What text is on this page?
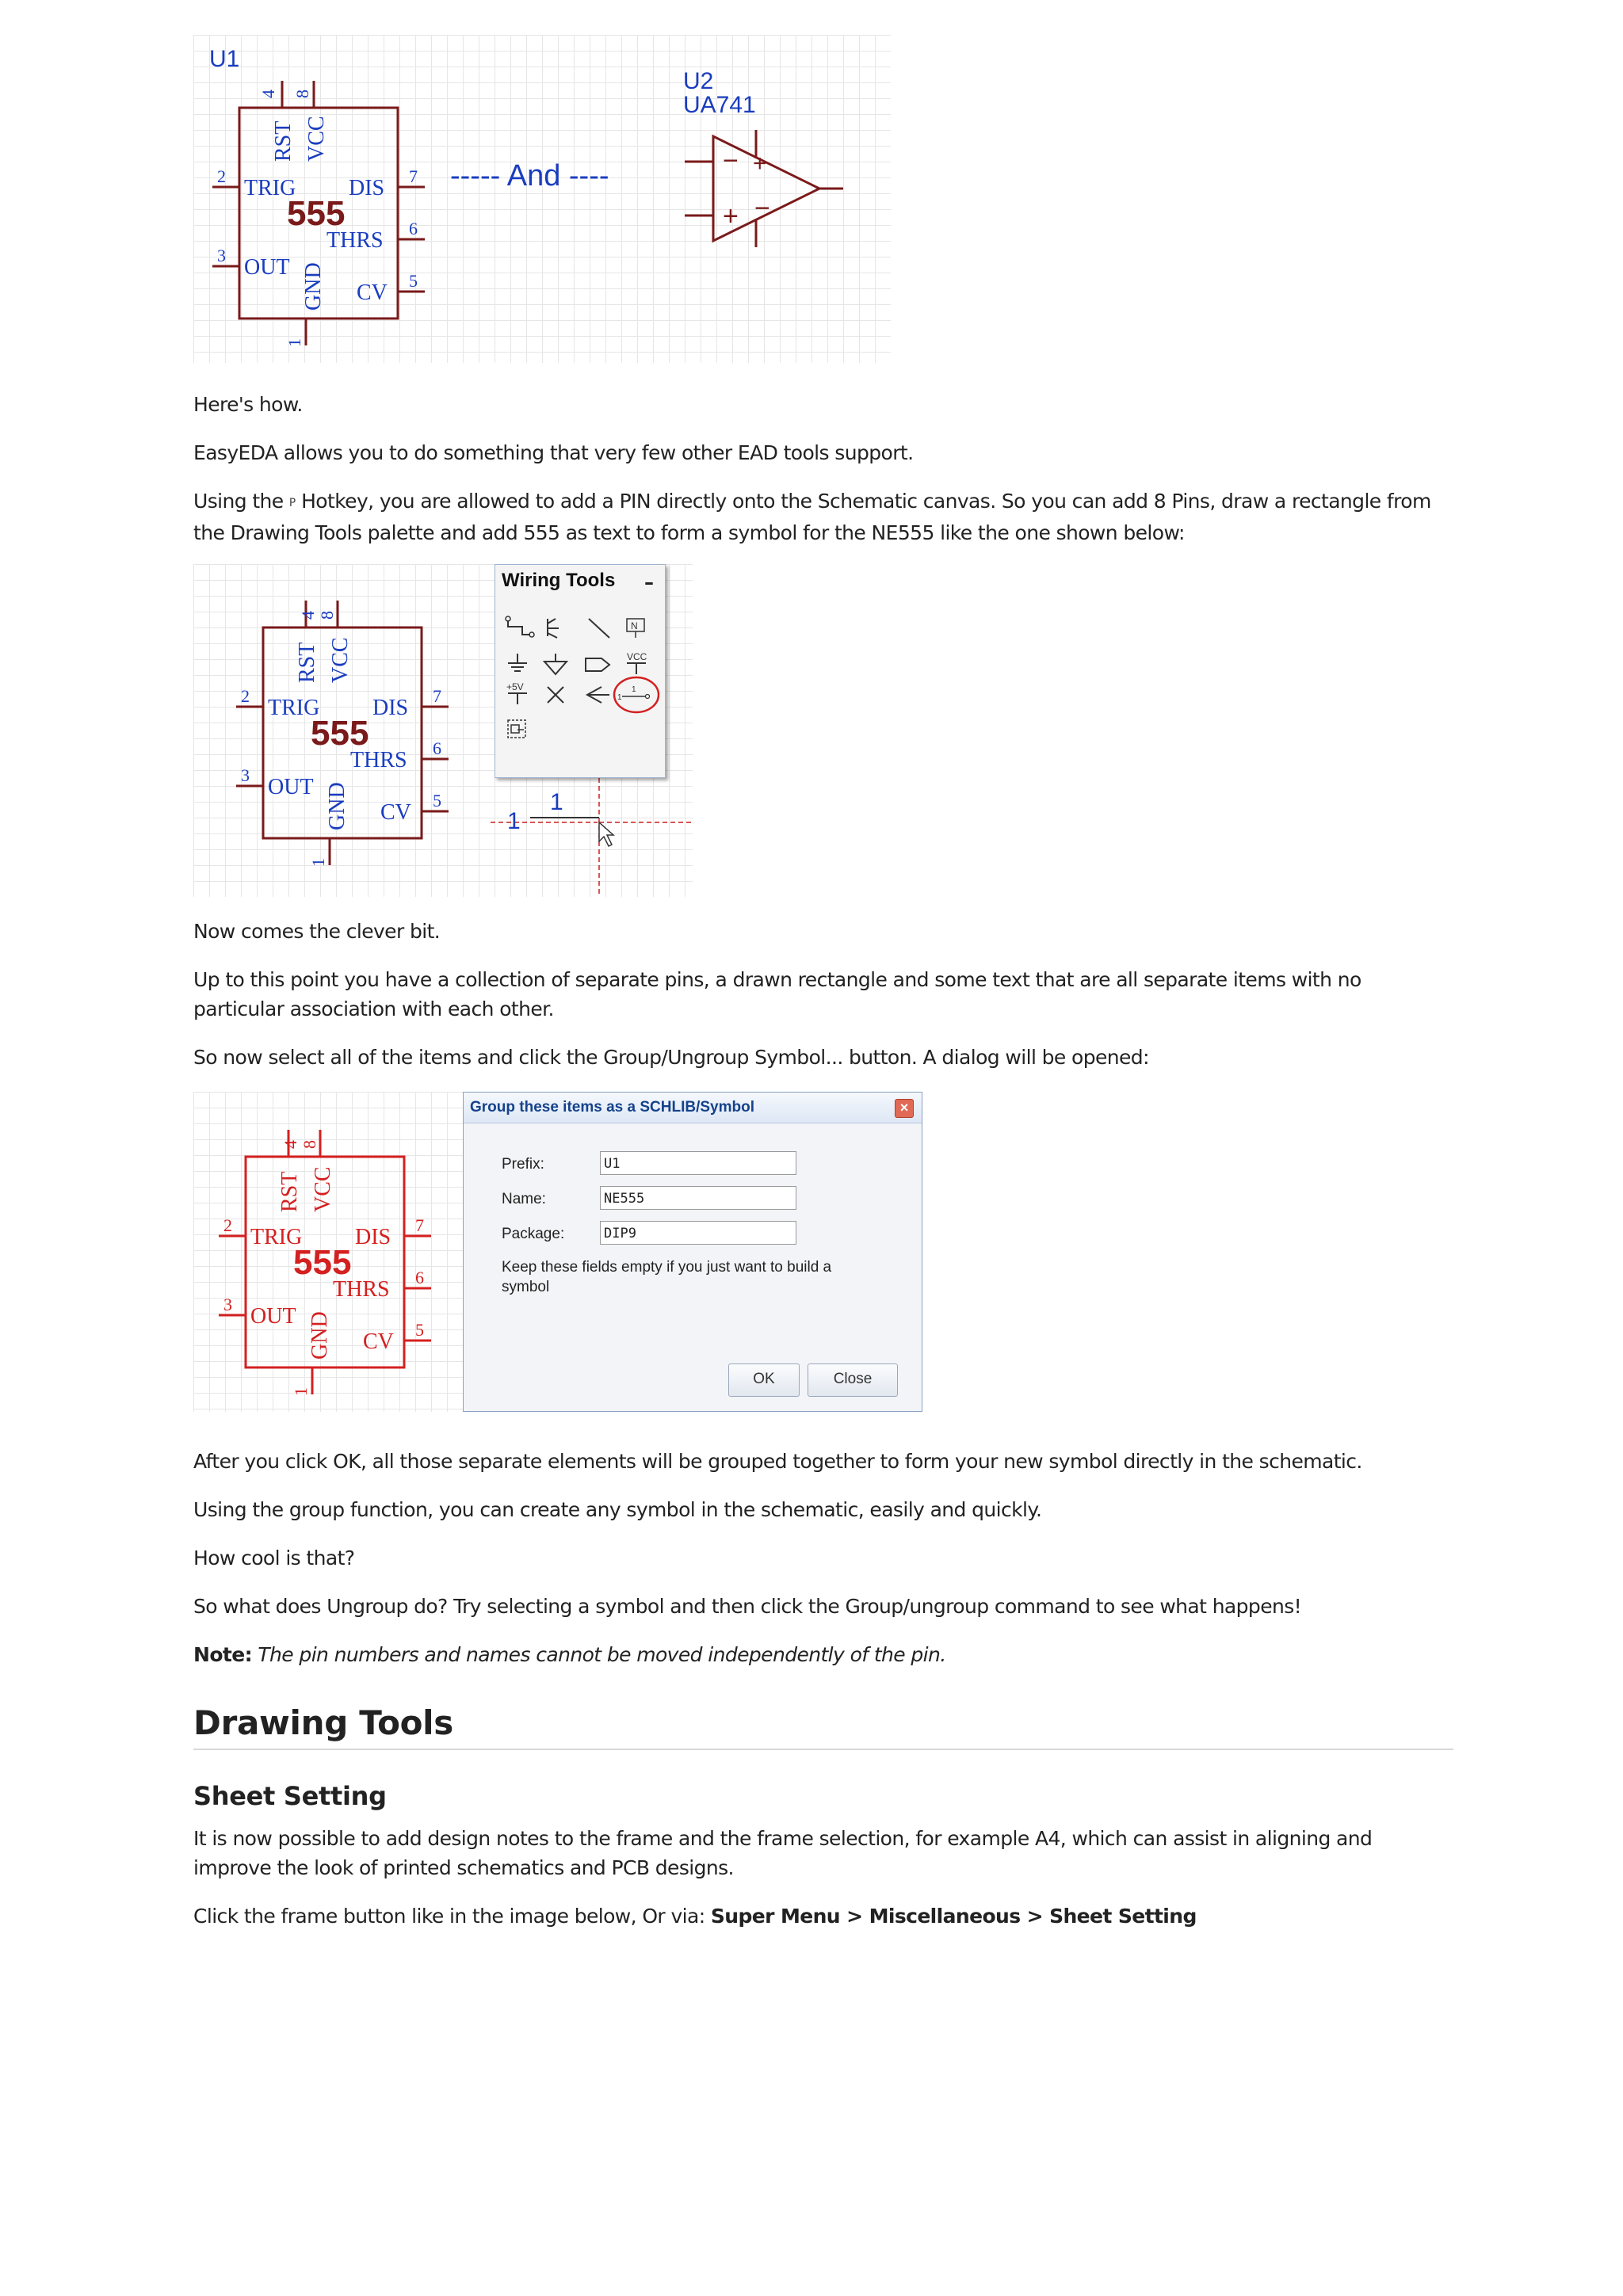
U1
4 8
RST VCC
2
3
TRIG
OUT
7
6
5
DIS
THRS
CV
1
GND
555
----- And ----
U2
UA741
−
+
+
−

Here's how.

EasyEDA allows you to do something that very few other EAD tools support.

Using the P Hotkey, you are allowed to add a PIN directly onto the Schematic canvas. So you can add 8 Pins, draw a rectangle from the Drawing Tools palette and add 555 as text to form a symbol for the NE555 like the one shown below:

4 8
RST VCC
2
3
TRIG
OUT
7
6
5
DIS
THRS
CV
1
GND
555
1
1
Wiring Tools	–
N
VCC
+5V
1
1

Now comes the clever bit.

Up to this point you have a collection of separate pins, a drawn rectangle and some text that are all separate items with no particular association with each other.

So now select all of the items and click the Group/Ungroup Symbol... button. A dialog will be opened:

4 8
RST VCC
2
3
TRIG
OUT
7
6
5
DIS
THRS
CV
1
GND
555
Group these items as a SCHLIB/Symbol	×
Prefix:	U1
Name:	NE555
Package:	DIP9
Keep these fields empty if you just want to build a symbol
OK	Close

After you click OK, all those separate elements will be grouped together to form your new symbol directly in the schematic.

Using the group function, you can create any symbol in the schematic, easily and quickly.

How cool is that?

So what does Ungroup do? Try selecting a symbol and then click the Group/ungroup command to see what happens!

Note: The pin numbers and names cannot be moved independently of the pin.

Drawing Tools
Sheet Setting

It is now possible to add design notes to the frame and the frame selection, for example A4, which can assist in aligning and improve the look of printed schematics and PCB designs.

Click the frame button like in the image below, Or via: Super Menu > Miscellaneous > Sheet Setting
